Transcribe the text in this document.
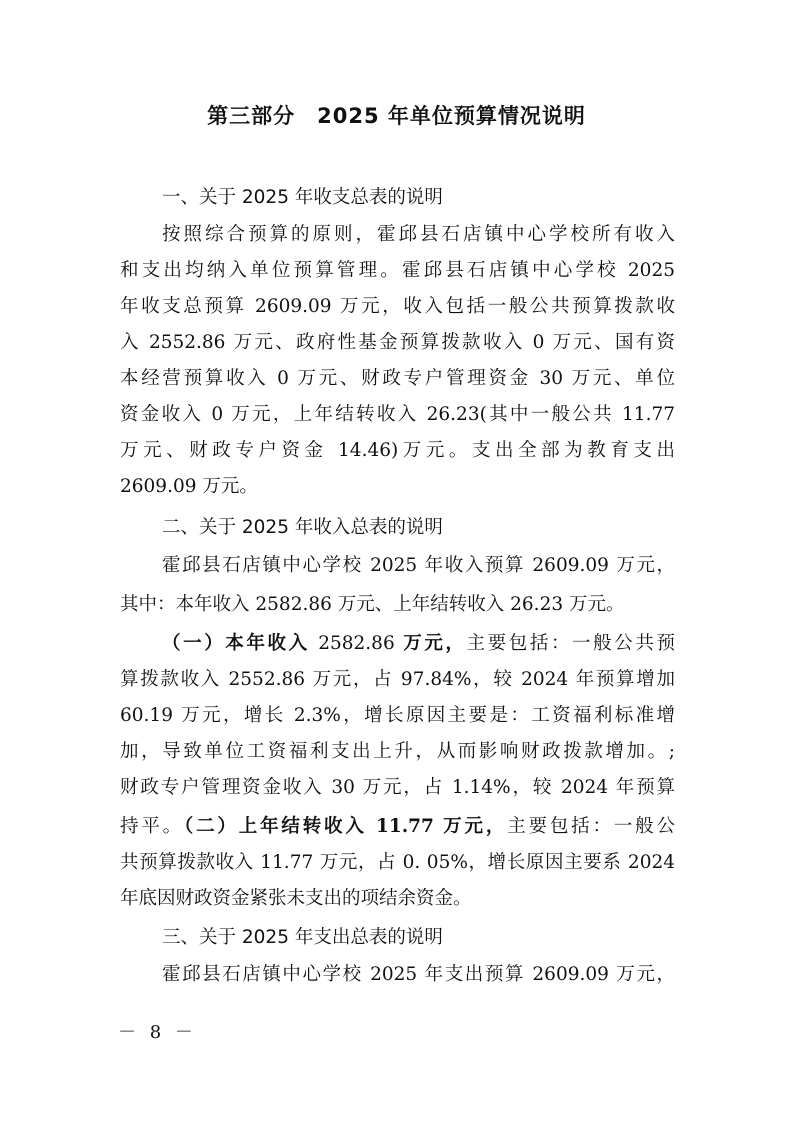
第三部分 2025 年单位预算情况说明
一、关于 2025 年收支总表的说明
按照综合预算的原则，霍邱县石店镇中心学校所有收入
和支出均纳入单位预算管理。霍邱县石店镇中心学校 2025
年收支总预算 2609.09 万元，收入包括一般公共预算拨款收
入 2552.86 万元、政府性基金预算拨款收入 0 万元、国有资
本经营预算收入 0 万元、财政专户管理资金 30 万元、单位
资金收入 0 万元，上年结转收入 26.23(其中一般公共 11.77
万元、财政专户资金 14.46)万元。支出全部为教育支出
2609.09 万元。
二、关于 2025 年收入总表的说明
霍邱县石店镇中心学校 2025 年收入预算 2609.09 万元，
其中：本年收入 2582.86 万元、上年结转收入 26.23 万元。
（一）本年收入 2582.86 万元，主要包括：一般公共预
算拨款收入 2552.86 万元，占 97.84%，较 2024 年预算增加
60.19 万元，增长 2.3%，增长原因主要是：工资福利标准增
加，导致单位工资福利支出上升，从而影响财政拨款增加。;
财政专户管理资金收入 30 万元，占 1.14%，较 2024 年预算
持平。（二）上年结转收入 11.77 万元，主要包括：一般公
共预算拨款收入 11.77 万元，占 0. 05%，增长原因主要系 2024
年底因财政资金紧张未支出的项结余资金。
三、关于 2025 年支出总表的说明
霍邱县石店镇中心学校 2025 年支出预算 2609.09 万元，
－ 8 －
